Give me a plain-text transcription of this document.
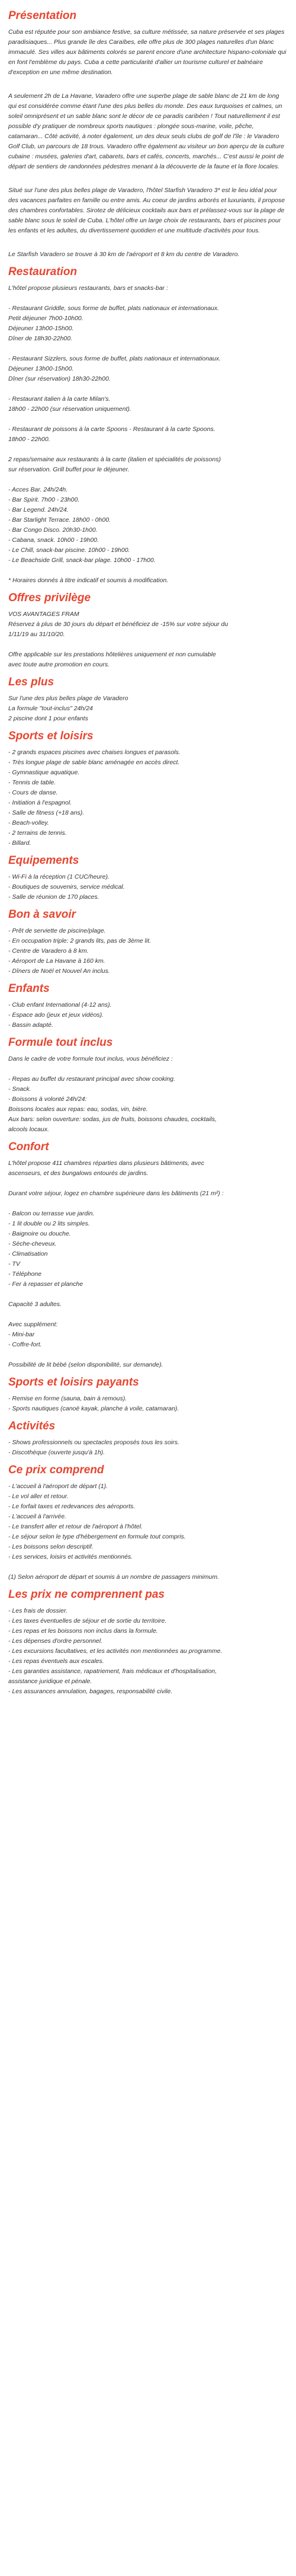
Présentation

Cuba est réputée pour son ambiance festive, sa culture métissée, sa nature préservée et ses plages paradisiaques... Plus grande île des Caraïbes, elle offre plus de 300 plages naturelles d'un blanc immaculé. Ses villes aux bâtiments colorés se parent encore d'une architecture hispano-coloniale qui en font l'emblème du pays. Cuba a cette particularité d'allier un tourisme culturel et balnéaire d'exception en une même destination.

A seulement 2h de La Havane, Varadero offre une superbe plage de sable blanc de 21 km de long qui est considérée comme étant l'une des plus belles du monde. Des eaux turquoises et calmes, un soleil omniprésent et un sable blanc sont le décor de ce paradis caribéen ! Tout naturellement il est possible d'y pratiquer de nombreux sports nautiques : plongée sous-marine, voile, pêche, catamaran... Côté activité, à noter également, un des deux seuls clubs de golf de l'île : le Varadero Golf Club, un parcours de 18 trous. Varadero offre également au visiteur un bon aperçu de la culture cubaine : musées, galeries d'art, cabarets, bars et cafés, concerts, marchés... C'est aussi le point de départ de sentiers de randonnées pédestres menant à la découverte de la faune et la flore locales.

Situé sur l'une des plus belles plage de Varadero, l'hôtel Starfish Varadero 3* est le lieu idéal pour des vacances parfaites en famille ou entre amis. Au coeur de jardins arborés et luxuriants, il propose des chambres confortables. Sirotez de délicieux cocktails aux bars et prélassez-vous sur la plage de sable blanc sous le soleil de Cuba. L'hôtel offre un large choix de restaurants, bars et piscines pour les enfants et les adultes, du divertissement quotidien et une multitude d'activités pour tous.

Le Starfish Varadero se trouve à 30 km de l'aéroport et 8 km du centre de Varadero.

Restauration
L'hôtel propose plusieurs restaurants, bars et snacks-bar :
- Restaurant Griddle, sous forme de buffet, plats nationaux et internationaux.
Petit déjeuner 7h00-10h00.
Déjeuner 13h00-15h00.
Dîner de 18h30-22h00.
- Restaurant Sizzlers, sous forme de buffet, plats nationaux et internationaux.
Déjeuner 13h00-15h00.
Dîner (sur réservation) 18h30-22h00.
- Restaurant italien à la carte Milan's.
18h00 - 22h00 (sur réservation uniquement).
- Restaurant de poissons à la carte Spoons - Restaurant à la carte Spoons.
18h00 - 22h00.
2 repas/semaine aux restaurants à la carte (italien et spécialités de poissons)
sur réservation. Grill buffet pour le déjeuner.
- Acces Bar. 24h/24h.
- Bar Spirit. 7h00 - 23h00.
- Bar Legend. 24h/24.
- Bar Starlight Terrace. 18h00 - 0h00.
- Bar Congo Disco. 20h30-1h00.
- Cabana, snack. 10h00 - 19h00.
- Le Chill, snack-bar piscine. 10h00 - 19h00.
- Le Beachside Grill, snack-bar plage. 10h00 - 17h00.
* Horaires donnés à titre indicatif et soumis à modification.
Offres privilège
VOS AVANTAGES FRAM
Réservez à plus de 30 jours du départ et bénéficiez de -15% sur votre séjour du
1/11/19 au 31/10/20.
Offre applicable sur les prestations hôtelières uniquement et non cumulable
avec toute autre promotion en cours.
Les plus
Sur l'une des plus belles plage de Varadero
La formule "tout-inclus" 24h/24
2 piscine dont 1 pour enfants
Sports et loisirs
- 2 grands espaces piscines avec chaises longues et parasols.
- Très longue plage de sable blanc aménagée en accès direct.
- Gymnastique aquatique.
- Tennis de table.
- Cours de danse.
- Initiation à l'espagnol.
- Salle de fitness (+18 ans).
- Beach-volley.
- 2 terrains de tennis.
- Billard.
Equipements
- Wi-Fi à la réception (1 CUC/heure).
- Boutiques de souvenirs, service médical.
- Salle de réunion de 170 places.
Bon à savoir
- Prêt de serviette de piscine/plage.
- En occupation triple: 2 grands lits, pas de 3ème lit.
- Centre de Varadero à 8 km.
- Aéroport de La Havane à 160 km.
- Dîners de Noël et Nouvel An inclus.
Enfants
- Club enfant International (4-12 ans).
- Espace ado (jeux et jeux vidéos).
- Bassin adapté.
Formule tout inclus
Dans le cadre de votre formule tout inclus, vous bénéficiez :
- Repas au buffet du restaurant principal avec show cooking.
- Snack.
- Boissons à volonté 24h/24:
Boissons locales aux repas: eau, sodas, vin, bière.
Aux bars: selon ouverture: sodas, jus de fruits, boissons chaudes, cocktails,
alcools locaux.
Confort
L'hôtel propose 411 chambres réparties dans plusieurs bâtiments, avec
ascenseurs, et des bungalows entourés de jardins.
Durant votre séjour, logez en chambre supérieure dans les bâtiments (21 m²) :
- Balcon ou terrasse vue jardin.
- 1 lit double ou 2 lits simples.
- Baignoire ou douche.
- Sèche-cheveux.
- Climatisation
- TV
- Téléphone
- Fer à repasser et planche
Capacité 3 adultes.
Avec supplément:
- Mini-bar
- Coffre-fort.
Possibilité de lit bébé (selon disponibilité, sur demande).
Sports et loisirs payants
- Remise en forme (sauna, bain à remous).
- Sports nautiques (canoë kayak, planche à voile, catamaran).
Activités
- Shows professionnels ou spectacles proposés tous les soirs.
- Discothèque (ouverte jusqu'à 1h).
Ce prix comprend
- L'accueil à l'aéroport de départ (1).
- Le vol aller et retour.
- Le forfait taxes et redevances des aéroports.
- L'accueil à l'arrivée.
- Le transfert aller et retour de l'aéroport à l'hôtel.
- Le séjour selon le type d'hébergement en formule tout compris.
- Les boissons selon descriptif.
- Les services, loisirs et activités mentionnés.
(1) Selon aéroport de départ et soumis à un nombre de passagers minimum.
Les prix ne comprennent pas
- Les frais de dossier.
- Les taxes éventuelles de séjour et de sortie du territoire.
- Les repas et les boissons non inclus dans la formule.
- Les dépenses d'ordre personnel.
- Les excursions facultatives, et les activités non mentionnées au programme.
- Les repas éventuels aux escales.
- Les garanties assistance, rapatriement, frais médicaux et d'hospitalisation,
assistance juridique et pénale.
- Les assurances annulation, bagages, responsabilité civile.
